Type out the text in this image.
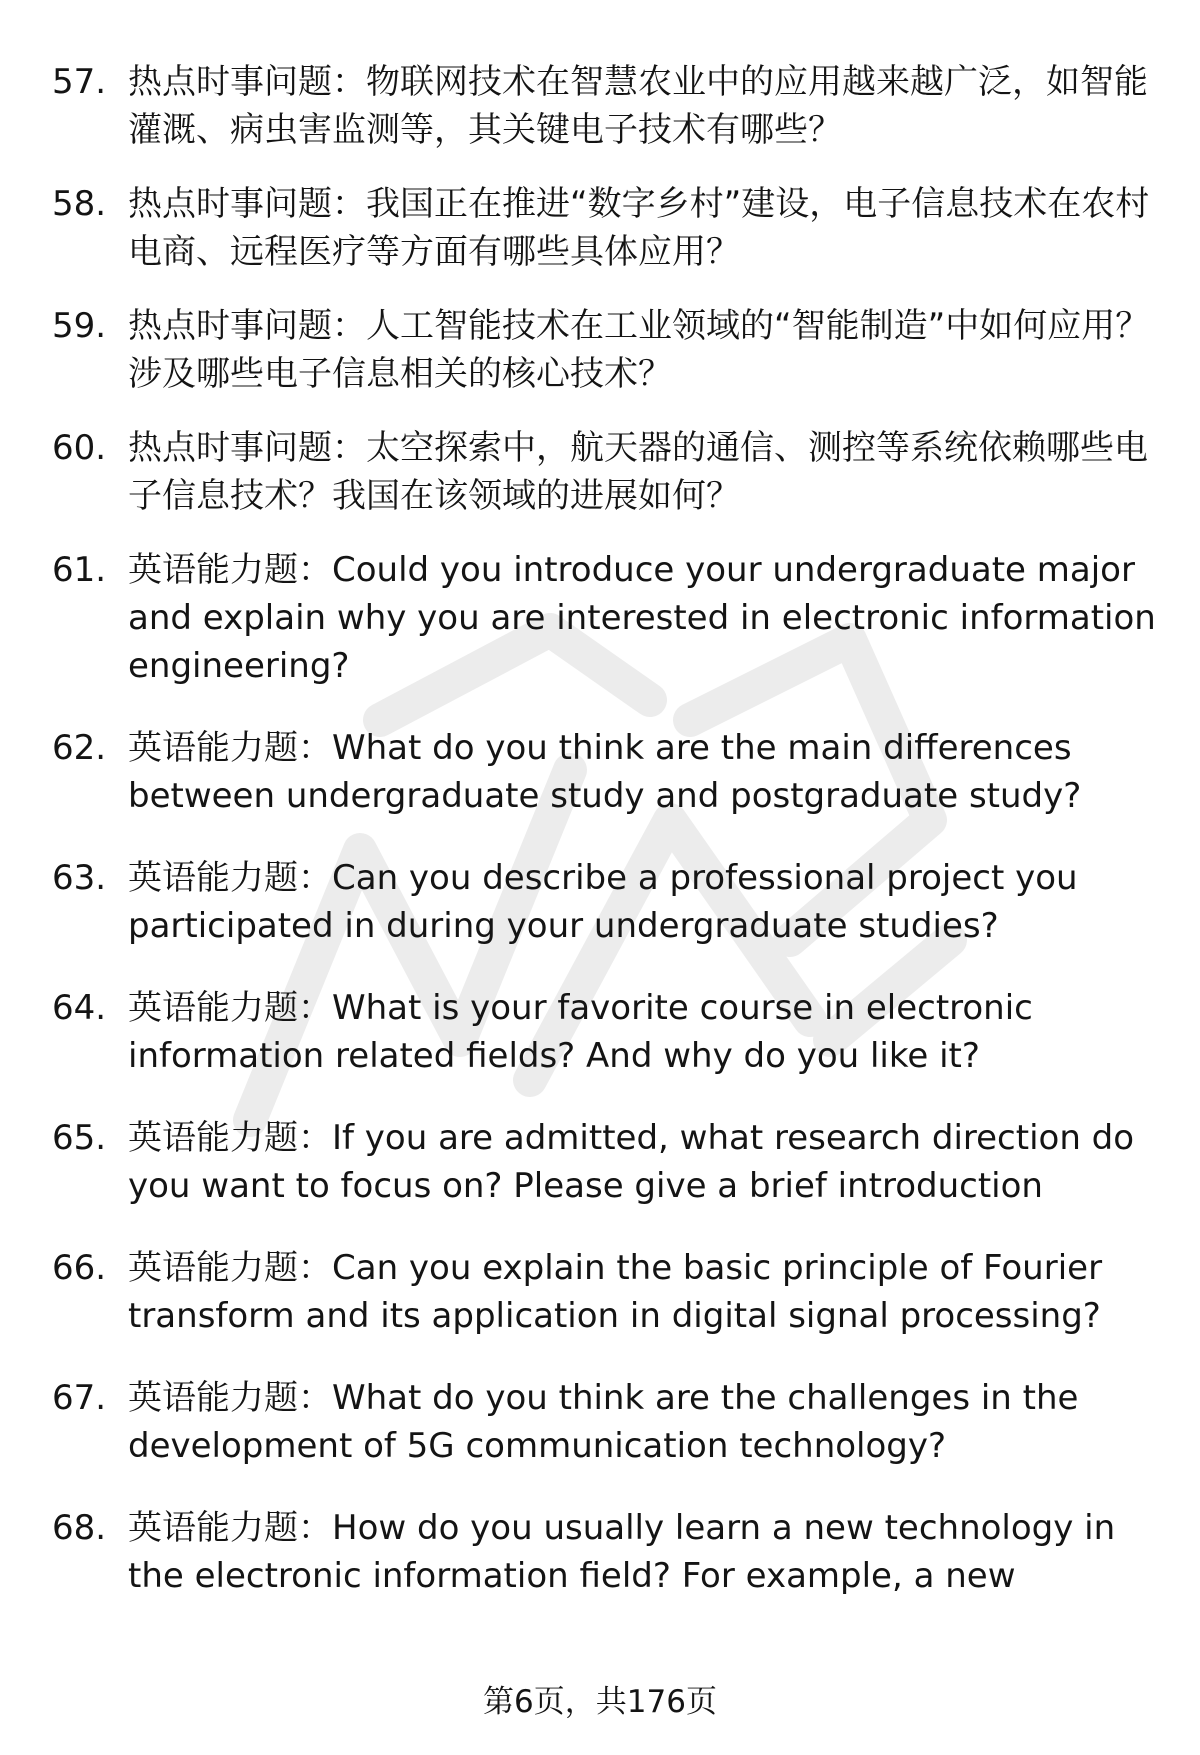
57. 热点时事问题：物联网技术在智慧农业中的应用越来越广泛，如智能灌溉、病虫害监测等，其关键电子技术有哪些？
58. 热点时事问题：我国正在推进“数字乡村”建设，电子信息技术在农村电商、远程医疗等方面有哪些具体应用？
59. 热点时事问题：人工智能技术在工业领域的“智能制造”中如何应用？涉及哪些电子信息相关的核心技术？
60. 热点时事问题：太空探索中，航天器的通信、测控等系统依赖哪些电子信息技术？我国在该领域的进展如何？
61. 英语能力题：Could you introduce your undergraduate major and explain why you are interested in electronic information engineering?
62. 英语能力题：What do you think are the main differences between undergraduate study and postgraduate study?
63. 英语能力题：Can you describe a professional project you participated in during your undergraduate studies?
64. 英语能力题：What is your favorite course in electronic information related fields? And why do you like it?
65. 英语能力题：If you are admitted, what research direction do you want to focus on? Please give a brief introduction
66. 英语能力题：Can you explain the basic principle of Fourier transform and its application in digital signal processing?
67. 英语能力题：What do you think are the challenges in the development of 5G communication technology?
68. 英语能力题：How do you usually learn a new technology in the electronic information field? For example, a new
第6页，共176页
